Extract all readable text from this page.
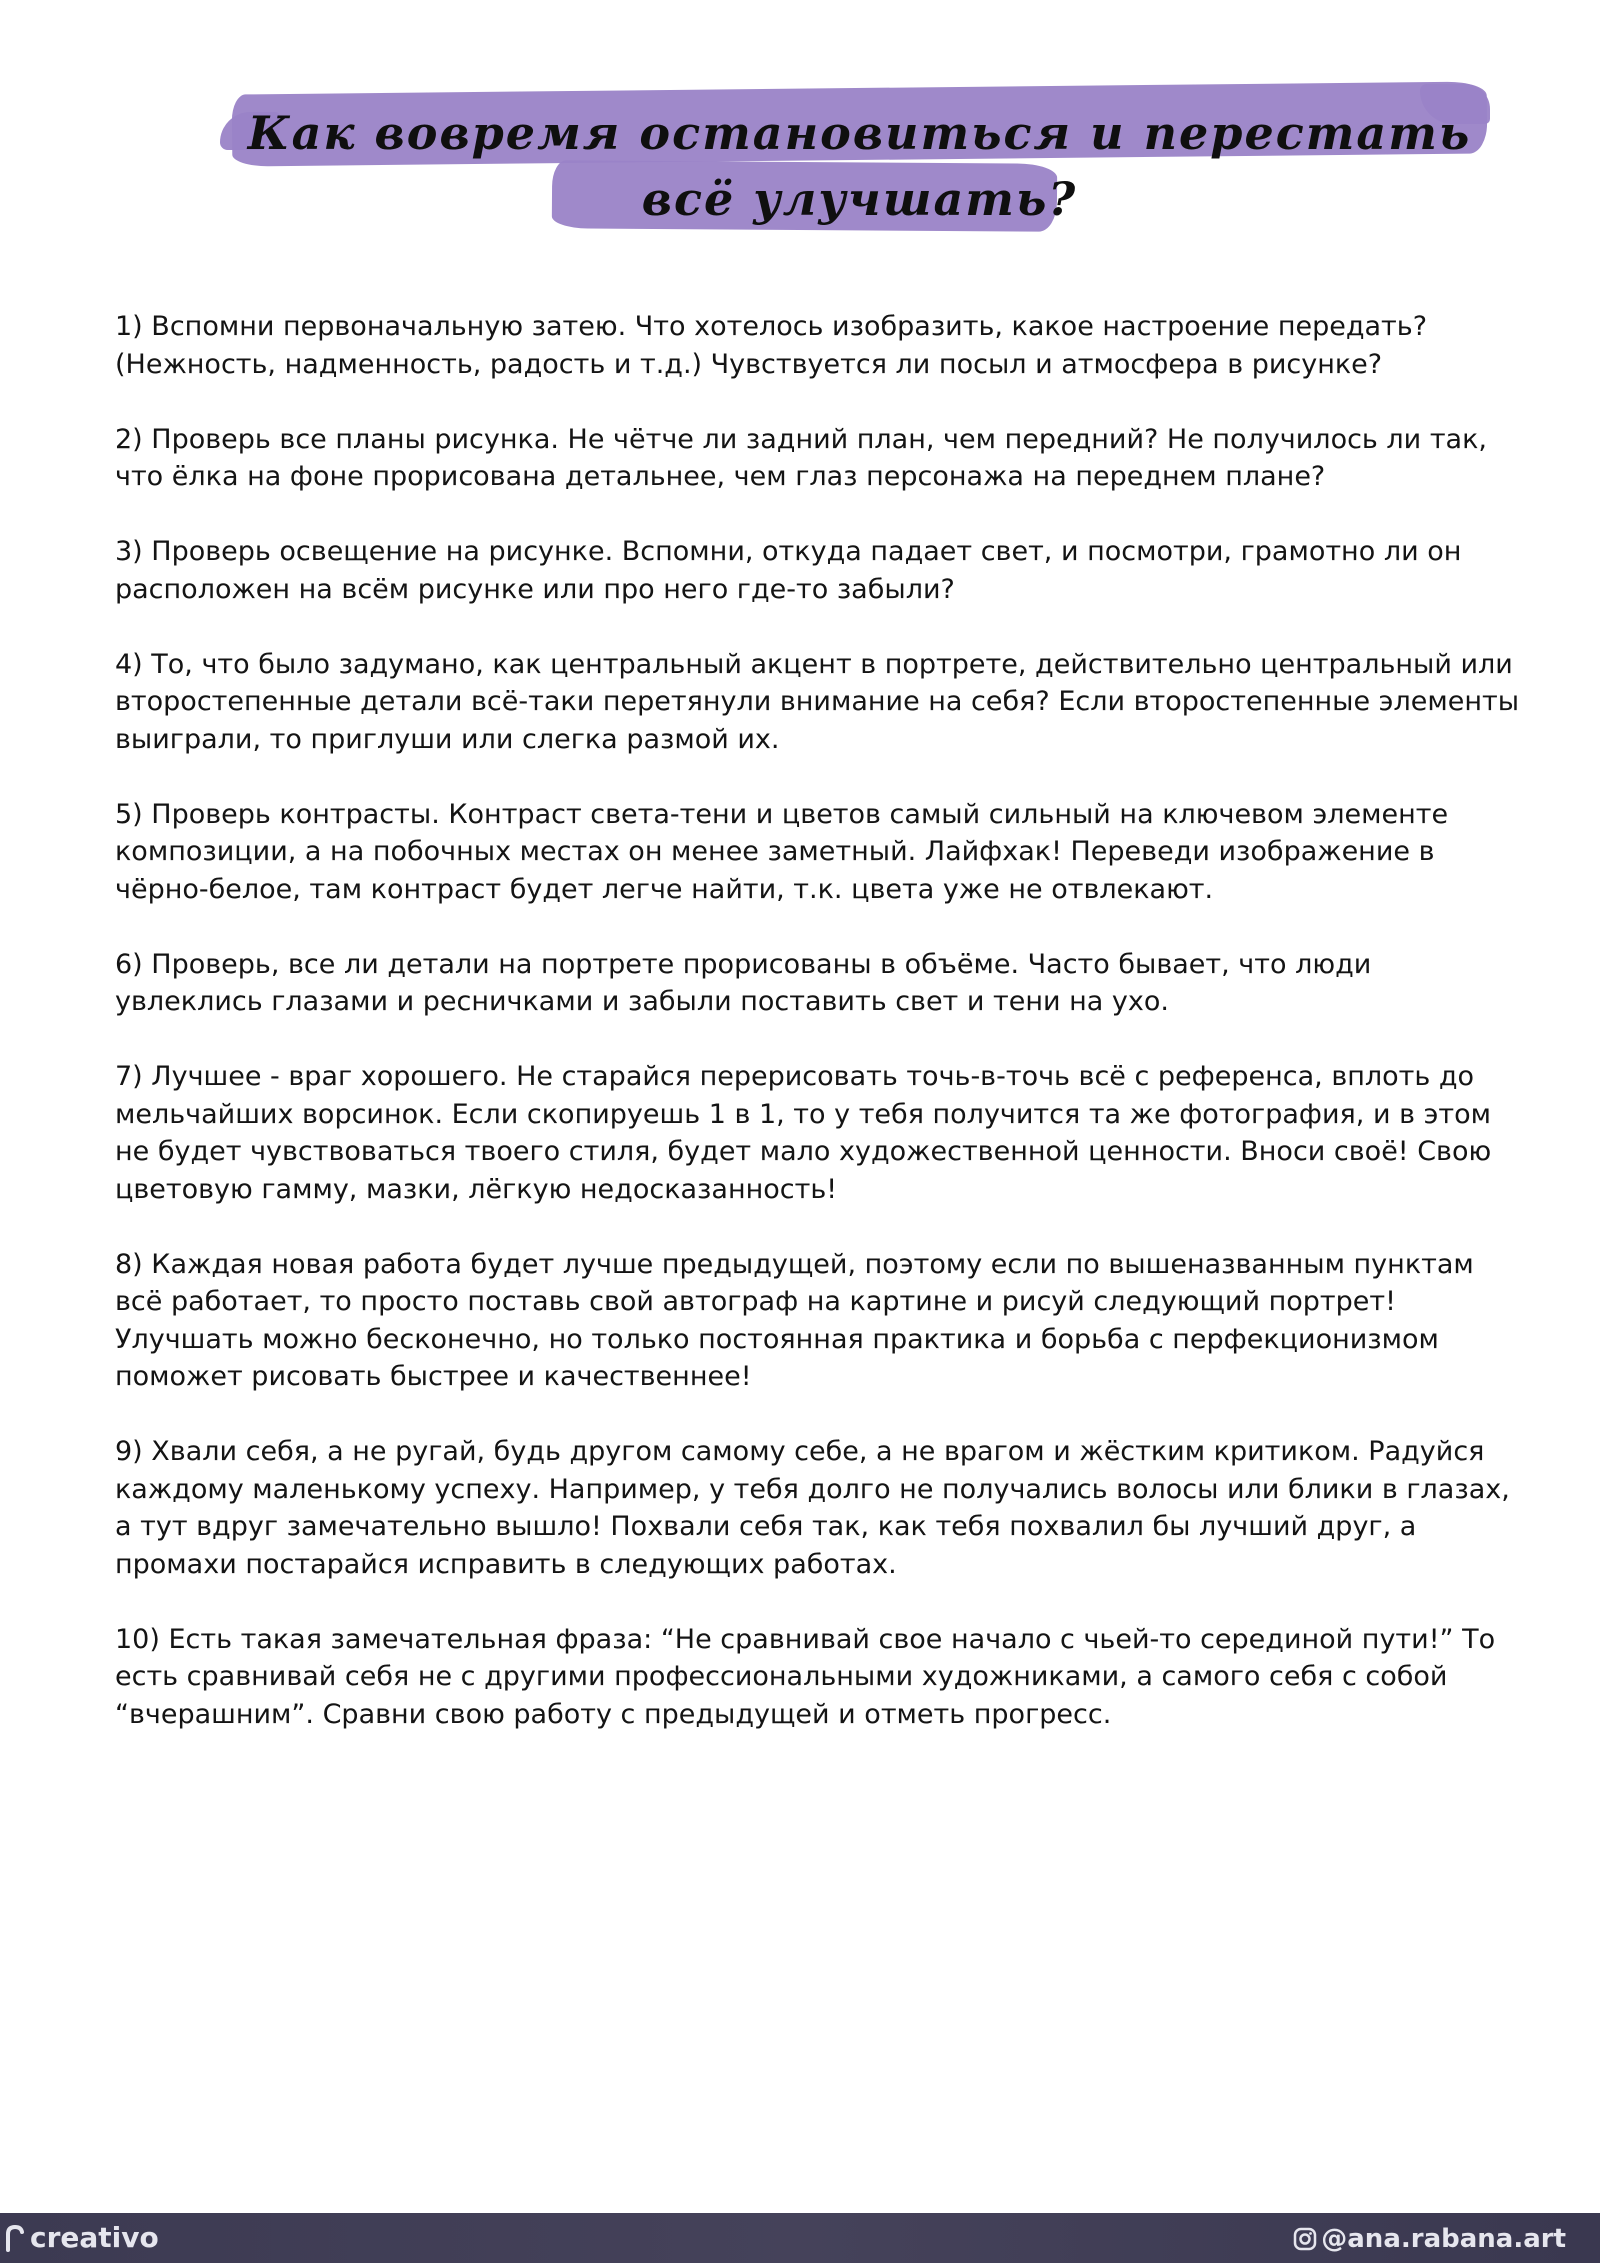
Как вовремя остановиться и перестать
всё улучшать?

1) Вспомни первоначальную затею. Что хотелось изобразить, какое настроение передать? (Нежность, надменность, радость и т.д.) Чувствуется ли посыл и атмосфера в рисунке?

2) Проверь все планы рисунка. Не чётче ли задний план, чем передний? Не получилось ли так, что ёлка на фоне прорисована детальнее, чем глаз персонажа на переднем плане?

3) Проверь освещение на рисунке. Вспомни, откуда падает свет, и посмотри, грамотно ли он расположен на всём рисунке или про него где-то забыли?

4) То, что было задумано, как центральный акцент в портрете, действительно центральный или второстепенные детали всё-таки перетянули внимание на себя? Если второстепенные элементы выиграли, то приглуши или слегка размой их.

5) Проверь контрасты. Контраст света-тени и цветов самый сильный на ключевом элементе композиции, а на побочных местах он менее заметный. Лайфхак! Переведи изображение в чёрно-белое, там контраст будет легче найти, т.к. цвета уже не отвлекают.

6) Проверь, все ли детали на портрете прорисованы в объёме. Часто бывает, что люди увлеклись глазами и ресничками и забыли поставить свет и тени на ухо.

7) Лучшее - враг хорошего. Не старайся перерисовать точь-в-точь всё с референса, вплоть до мельчайших ворсинок. Если скопируешь 1 в 1, то у тебя получится та же фотография, и в этом не будет чувствоваться твоего стиля, будет мало художественной ценности. Вноси своё! Свою цветовую гамму, мазки, лёгкую недосказанность!

8) Каждая новая работа будет лучше предыдущей, поэтому если по вышеназванным пунктам всё работает, то просто поставь свой автограф на картине и рисуй следующий портрет! Улучшать можно бесконечно, но только постоянная практика и борьба с перфекционизмом поможет рисовать быстрее и качественнее!

9) Хвали себя, а не ругай, будь другом самому себе, а не врагом и жёстким критиком. Радуйся каждому маленькому успеху. Например, у тебя долго не получались волосы или блики в глазах, а тут вдруг замечательно вышло! Похвали себя так, как тебя похвалил бы лучший друг, а промахи постарайся исправить в следующих работах.

10) Есть такая замечательная фраза: “Не сравнивай свое начало с чьей-то серединой пути!” То есть сравнивай себя не с другими профессиональными художниками, а самого себя с собой “вчерашним”. Сравни свою работу с предыдущей и отметь прогресс.

creativo	@ana.rabana.art
